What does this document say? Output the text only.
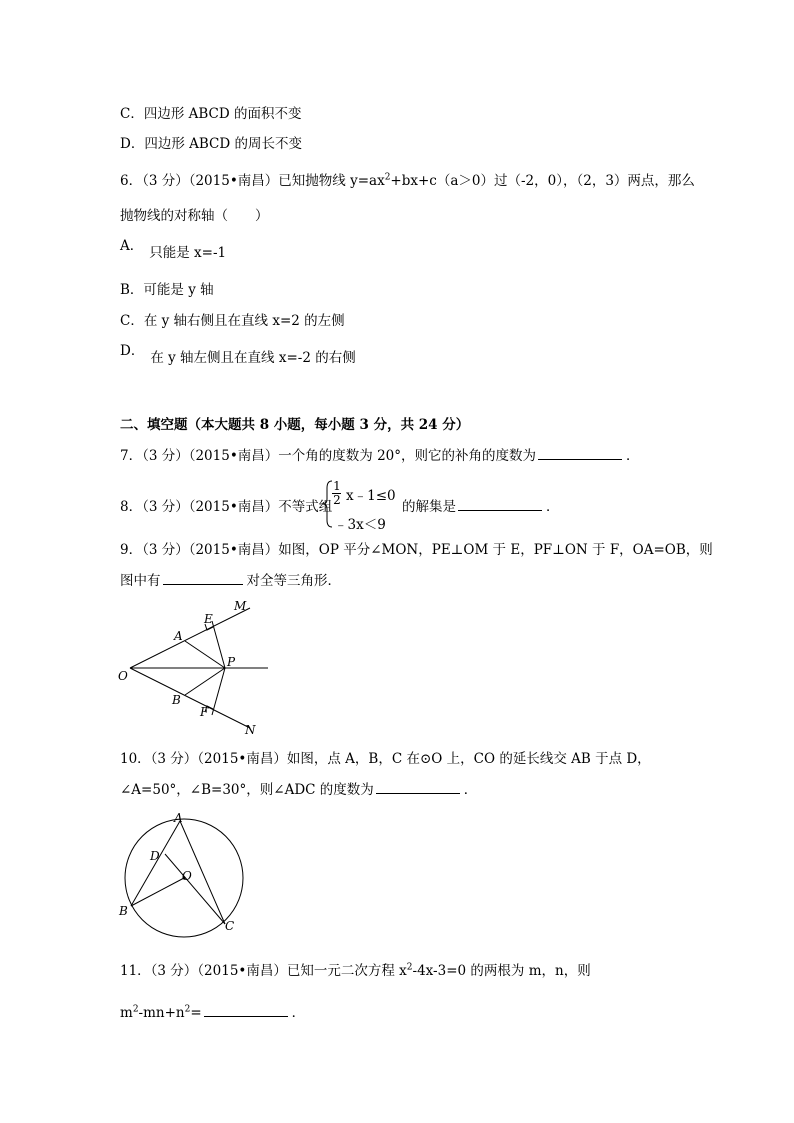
C．四边形 ABCD 的面积不变
D．四边形 ABCD 的周长不变
6．（3 分）（2015•南昌）已知抛物线 $y=ax^2+bx+c(a>0)$过（-2，0），（2，3）两点，那么
抛物线的对称轴（　　）
A． 只能是 x=-1
B．可能是 y 轴
C．在 y 轴右侧且在直线 x=2 的左侧
D． 在 y 轴左侧且在直线 x=-2 的右侧
二、填空题（本大题共 8 小题，每小题 3 分，共 24 分）
7．（3 分）（2015•南昌）一个角的度数为 20°，则它的补角的度数为	．
8．（3 分）（2015•南昌）不等式组
1
2 x﹣1≤0
﹣3x＜9
的解集是	．
9．（3 分）（2015•南昌）如图，OP 平分∠MON，PE⊥OM 于 E，PF⊥ON 于 F，OA=OB，则
图中有	对全等三角形．
M
E
A
P
O
B
F
N
10．（3 分）（2015•南昌）如图，点 A，B，C 在⊙O 上，CO 的延长线交 AB 于点 D，
∠A=50°，∠B=30°，则∠ADC 的度数为	．
A
D
O
B
C
11．（3 分）（2015•南昌）已知一元二次方程 $x^2-4x-3=0$ 的两根为 m，n，则
$m^2-mn+n^2=$	．
